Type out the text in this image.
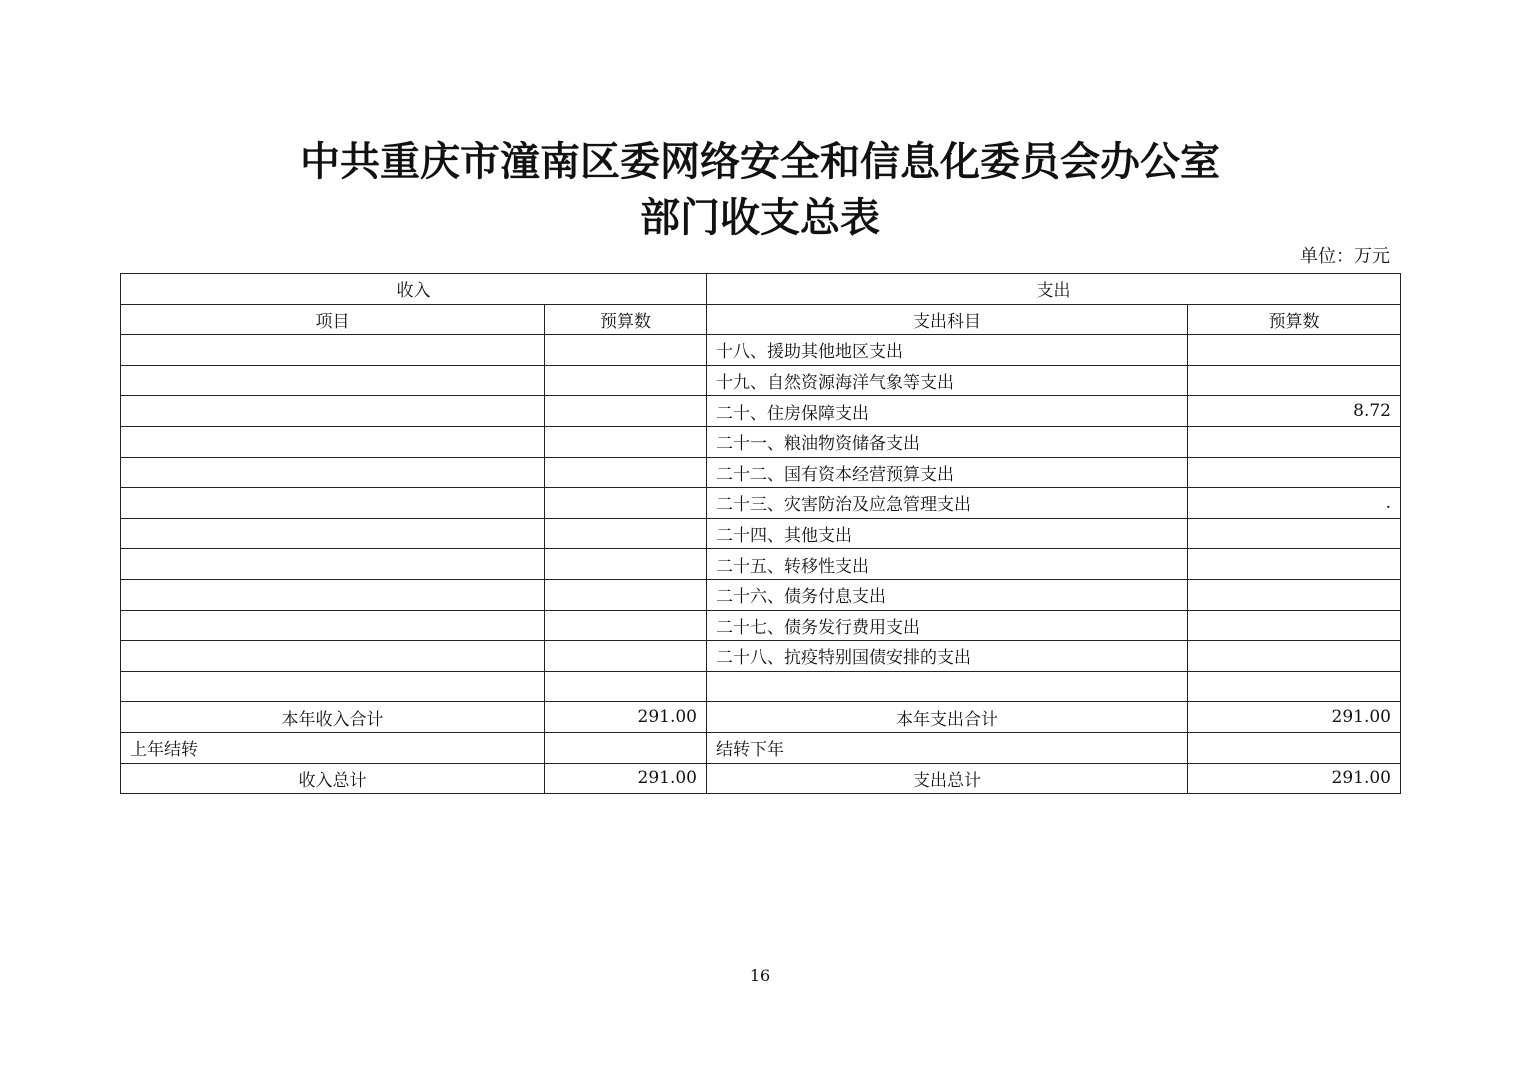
中共重庆市潼南区委网络安全和信息化委员会办公室
部门收支总表
单位：万元
收入		支出	
项目	预算数	支出科目	预算数
		十八、援助其他地区支出	
		十九、自然资源海洋气象等支出	
		二十、住房保障支出	8.72
		二十一、粮油物资储备支出	
		二十二、国有资本经营预算支出	
		二十三、灾害防治及应急管理支出	.
		二十四、其他支出	
		二十五、转移性支出	
		二十六、债务付息支出	
		二十七、债务发行费用支出	
		二十八、抗疫特别国债安排的支出	

本年收入合计	291.00	本年支出合计	291.00
上年结转		结转下年	
收入总计	291.00	支出总计	291.00
16
